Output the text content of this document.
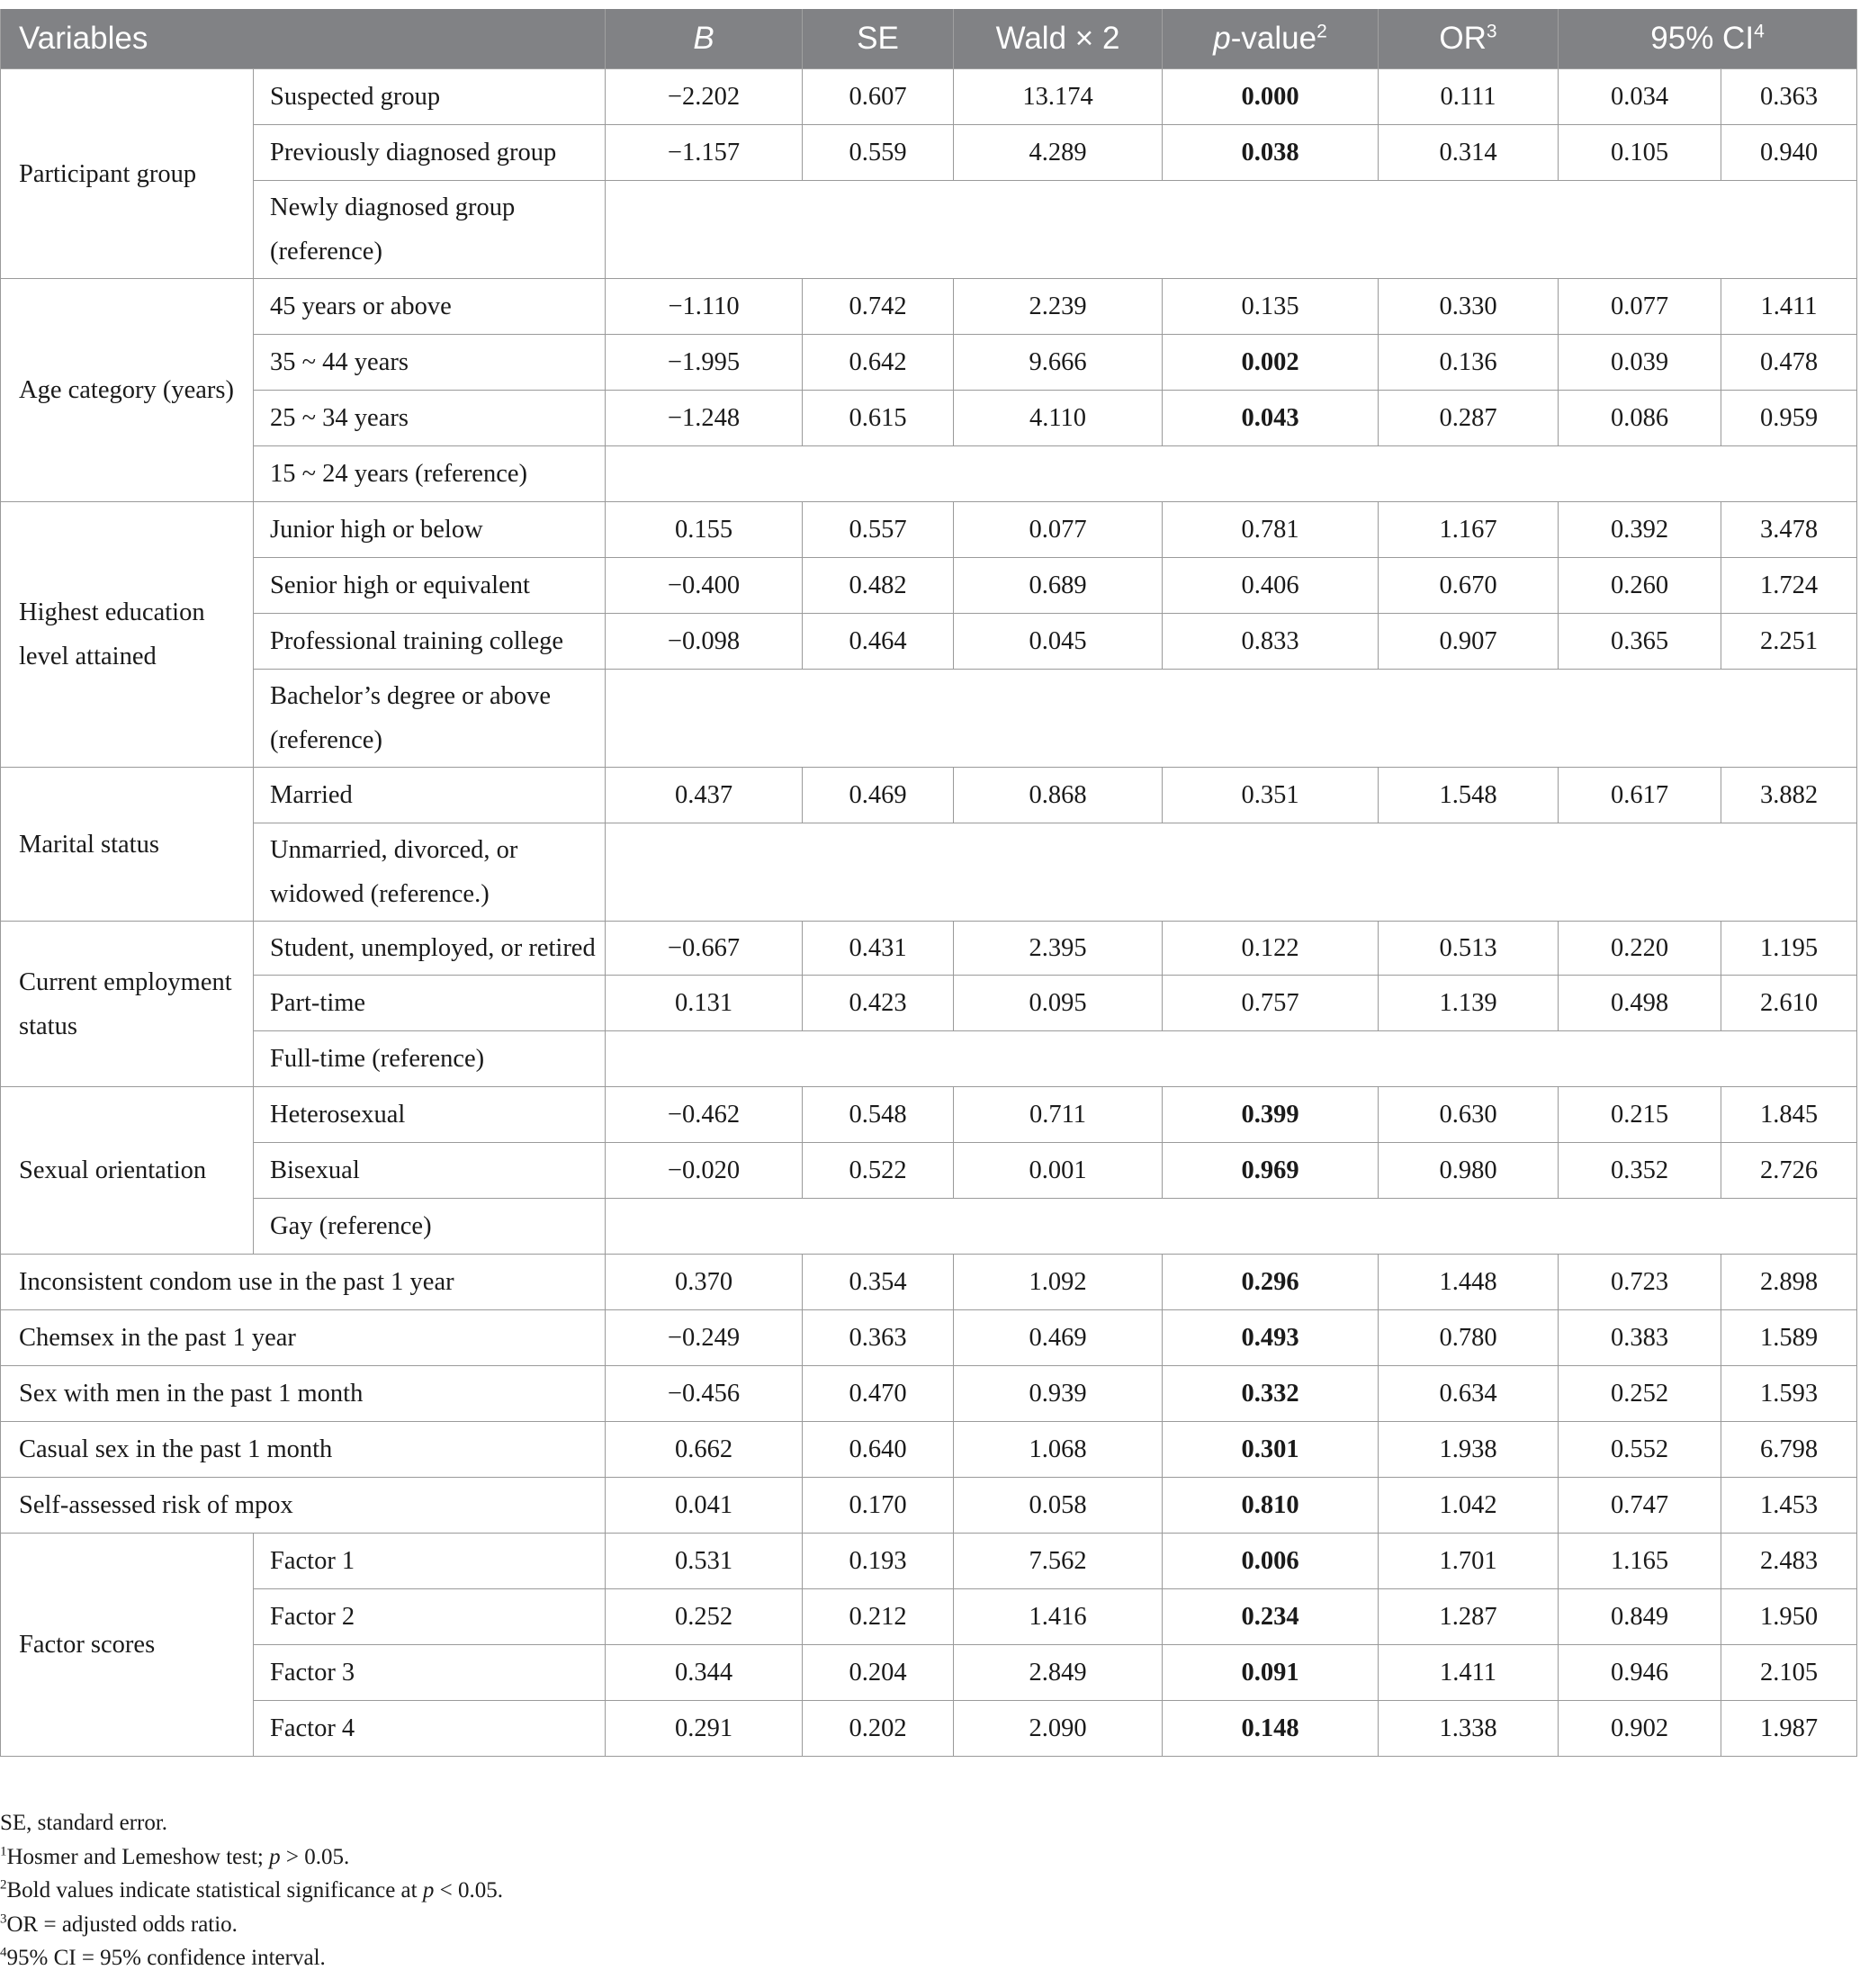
Variables		B	SE	Wald × 2	p-value$^2$	$OR^3$	95% $CI^4$
Participant group	Suspected group	−2.202	0.607	13.174	0.000	0.111	0.034	0.363
	Previously diagnosed group	−1.157	0.559	4.289	0.038	0.314	0.105	0.940
	Newly diagnosed group (reference)							
Age category (years)	45 years or above	−1.110	0.742	2.239	0.135	0.330	0.077	1.411
	35 ~ 44 years	−1.995	0.642	9.666	0.002	0.136	0.039	0.478
	25 ~ 34 years	−1.248	0.615	4.110	0.043	0.287	0.086	0.959
	15 ~ 24 years (reference)							
Highest education level attained	Junior high or below	0.155	0.557	0.077	0.781	1.167	0.392	3.478
	Senior high or equivalent	−0.400	0.482	0.689	0.406	0.670	0.260	1.724
	Professional training college	−0.098	0.464	0.045	0.833	0.907	0.365	2.251
	Bachelor’s degree or above (reference)							
Marital status	Married	0.437	0.469	0.868	0.351	1.548	0.617	3.882
	Unmarried, divorced, or widowed (reference.)							
Current employment status	Student, unemployed, or retired	−0.667	0.431	2.395	0.122	0.513	0.220	1.195
	Part-time	0.131	0.423	0.095	0.757	1.139	0.498	2.610
	Full-time (reference)							
Sexual orientation	Heterosexual	−0.462	0.548	0.711	0.399	0.630	0.215	1.845
	Bisexual	−0.020	0.522	0.001	0.969	0.980	0.352	2.726
	Gay (reference)							
Inconsistent condom use in the past 1 year		0.370	0.354	1.092	0.296	1.448	0.723	2.898
Chemsex in the past 1 year		−0.249	0.363	0.469	0.493	0.780	0.383	1.589
Sex with men in the past 1 month		−0.456	0.470	0.939	0.332	0.634	0.252	1.593
Casual sex in the past 1 month		0.662	0.640	1.068	0.301	1.938	0.552	6.798
Self-assessed risk of mpox		0.041	0.170	0.058	0.810	1.042	0.747	1.453
Factor scores	Factor 1	0.531	0.193	7.562	0.006	1.701	1.165	2.483
	Factor 2	0.252	0.212	1.416	0.234	1.287	0.849	1.950
	Factor 3	0.344	0.204	2.849	0.091	1.411	0.946	2.105
	Factor 4	0.291	0.202	2.090	0.148	1.338	0.902	1.987
SE, standard error.
$^1$Hosmer and Lemeshow test; p > 0.05.
$^2$Bold values indicate statistical significance at p < 0.05.
$^3$OR = adjusted odds ratio.
$^4$95% CI = 95% confidence interval.
